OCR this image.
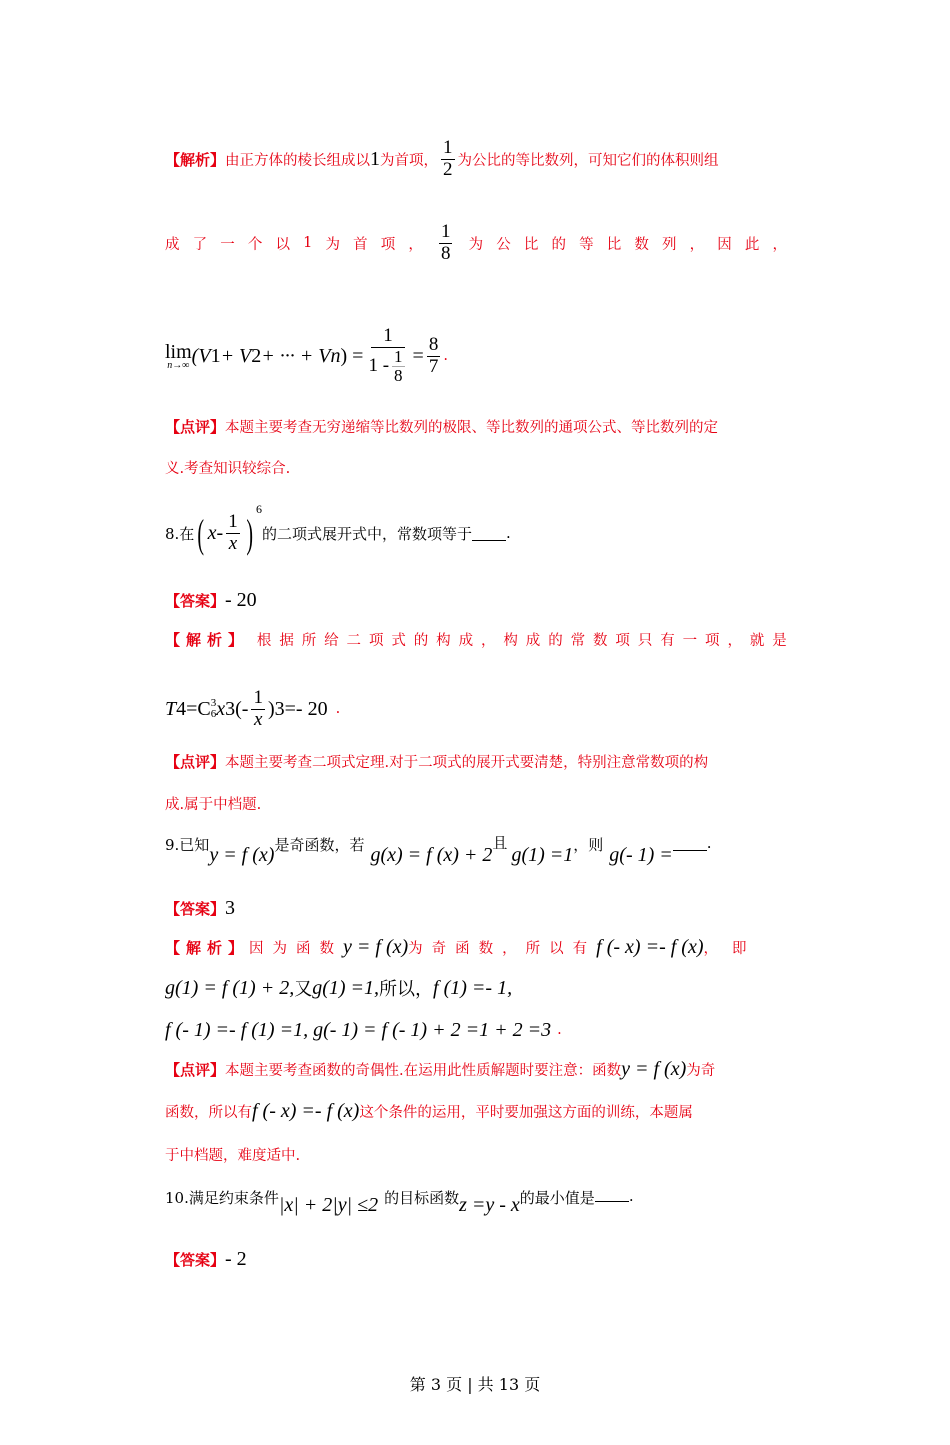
【解析】 由正方体的棱长组成以 1 为首项， $\frac{1}{2}$ 为公比的等比数列，可知它们的体积则组
成 了 一 个 以 1 为 首 项 ， $\frac{1}{8}$ 为 公 比 的 等 比 数 列 ， 因 此 ，
lim
n→∞ (V 1 + V 2 + ··· + V n ) = $\frac{1}{1 - \frac{1}{8}} = \frac{8}{7}$ .
【点评】 本题主要考查无穷递缩等比数列的极限、等比数列的通项公式、等比数列的定
义.考查知识较综合.
8.在 ( x - $\frac{1}{x}$ )
$^6$
的二项式展开式中，常数项等于 .
【答案】 - 20
【解析】 根 据 所 给 二 项 式 的 构 成 ， 构 成 的 常 数 项 只 有 一 项 ， 就 是
T 4 =C 3
6 x 3 (- $\frac{1}{x}$ ) 3 =- 20 .
【点评】 本题主要考查二项式定理.对于二项式的展开式要清楚，特别注意常数项的构
成.属于中档题.
9.已知 y = f (x) 是奇函数，若 g(x) = f (x) + 2
且
g(1) =1 ，则 g(- 1) =
.
【答案】 3
【解析】 因为函数 y = f (x) 为奇函数，所以有 f (- x) =- f (x) ，即
g(1) = f (1) + 2, 又 g(1) =1, 所以， f (1) =- 1,
f (- 1) =- f (1) =1, g(- 1) = f (- 1) + 2 =1 + 2 =3 .
【点评】 本题主要考查函数的奇偶性.在运用此性质解题时要注意：函数 y = f (x) 为奇
函数，所以有 f (- x) =- f (x) 这个条件的运用，平时要加强这方面的训练，本题属
于中档题，难度适中.
10.满足约束条件 |x| + 2|y| ≤2 的目标函数 z =y - x 的最小值是 .
【答案】 - 2
第 3 页 | 共 13 页
